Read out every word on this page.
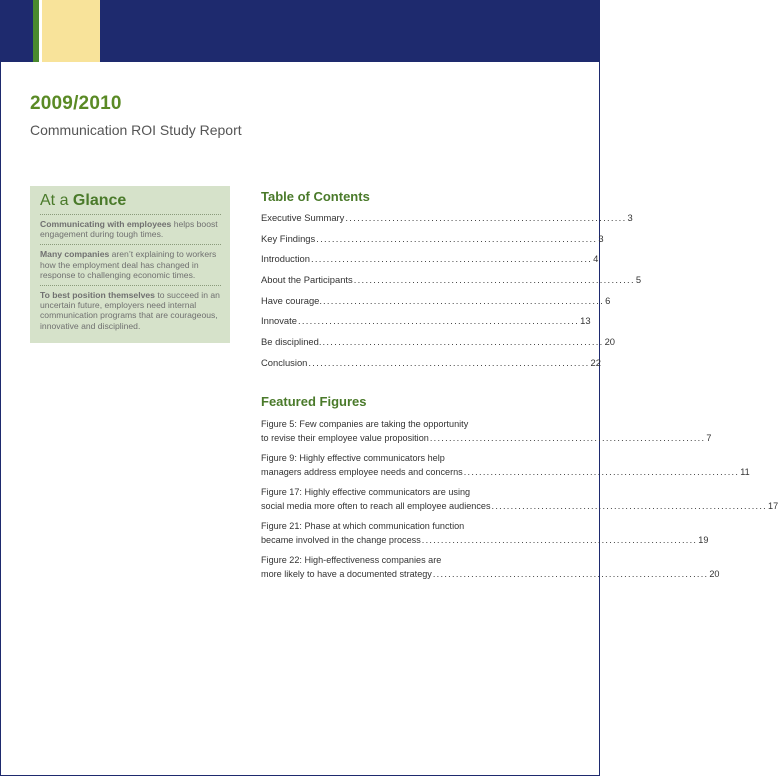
2009/2010
Communication ROI Study Report
At a Glance
Communicating with employees helps boost engagement during tough times.
Many companies aren’t explaining to workers how the employment deal has changed in response to challenging economic times.
To best position themselves to succeed in an uncertain future, employers need internal communication programs that are courageous, innovative and disciplined.
Table of Contents
Executive Summary ........................................................................ 3
Key Findings ........................................................................ 3
Introduction ........................................................................ 4
About the Participants ........................................................................ 5
Have courage. ........................................................................ 6
Innovate ........................................................................ 13
Be disciplined. ........................................................................ 20
Conclusion ........................................................................ 22
Featured Figures
Figure 5: Few companies are taking the opportunity
to revise their employee value proposition ........................................................................ 7
Figure 9: Highly effective communicators help
managers address employee needs and concerns ........................................................................ 11
Figure 17: Highly effective communicators are using
social media more often to reach all employee audiences ........................................................................ 17
Figure 21: Phase at which communication function
became involved in the change process ........................................................................ 19
Figure 22: High-effectiveness companies are
more likely to have a documented strategy ........................................................................ 20
